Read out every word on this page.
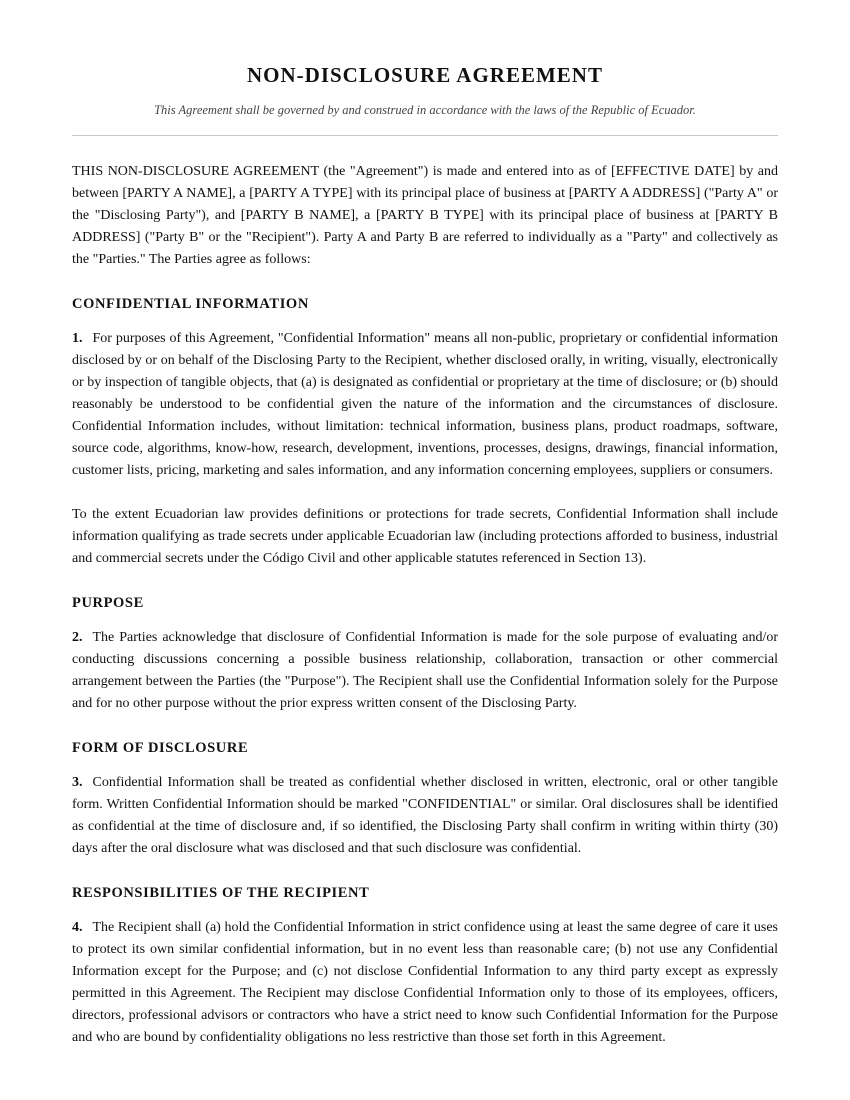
NON-DISCLOSURE AGREEMENT
This Agreement shall be governed by and construed in accordance with the laws of the Republic of Ecuador.

THIS NON-DISCLOSURE AGREEMENT (the "Agreement") is made and entered into as of [EFFECTIVE DATE] by and between [PARTY A NAME], a [PARTY A TYPE] with its principal place of business at [PARTY A ADDRESS] ("Party A" or the "Disclosing Party"), and [PARTY B NAME], a [PARTY B TYPE] with its principal place of business at [PARTY B ADDRESS] ("Party B" or the "Recipient"). Party A and Party B are referred to individually as a "Party" and collectively as the "Parties." The Parties agree as follows:

CONFIDENTIAL INFORMATION

1. For purposes of this Agreement, "Confidential Information" means all non-public, proprietary or confidential information disclosed by or on behalf of the Disclosing Party to the Recipient, whether disclosed orally, in writing, visually, electronically or by inspection of tangible objects, that (a) is designated as confidential or proprietary at the time of disclosure; or (b) should reasonably be understood to be confidential given the nature of the information and the circumstances of disclosure. Confidential Information includes, without limitation: technical information, business plans, product roadmaps, software, source code, algorithms, know-how, research, development, inventions, processes, designs, drawings, financial information, customer lists, pricing, marketing and sales information, and any information concerning employees, suppliers or consumers.

To the extent Ecuadorian law provides definitions or protections for trade secrets, Confidential Information shall include information qualifying as trade secrets under applicable Ecuadorian law (including protections afforded to business, industrial and commercial secrets under the Código Civil and other applicable statutes referenced in Section 13).

PURPOSE

2. The Parties acknowledge that disclosure of Confidential Information is made for the sole purpose of evaluating and/or conducting discussions concerning a possible business relationship, collaboration, transaction or other commercial arrangement between the Parties (the "Purpose"). The Recipient shall use the Confidential Information solely for the Purpose and for no other purpose without the prior express written consent of the Disclosing Party.

FORM OF DISCLOSURE

3. Confidential Information shall be treated as confidential whether disclosed in written, electronic, oral or other tangible form. Written Confidential Information should be marked "CONFIDENTIAL" or similar. Oral disclosures shall be identified as confidential at the time of disclosure and, if so identified, the Disclosing Party shall confirm in writing within thirty (30) days after the oral disclosure what was disclosed and that such disclosure was confidential.

RESPONSIBILITIES OF THE RECIPIENT

4. The Recipient shall (a) hold the Confidential Information in strict confidence using at least the same degree of care it uses to protect its own similar confidential information, but in no event less than reasonable care; (b) not use any Confidential Information except for the Purpose; and (c) not disclose Confidential Information to any third party except as expressly permitted in this Agreement. The Recipient may disclose Confidential Information only to those of its employees, officers, directors, professional advisors or contractors who have a strict need to know such Confidential Information for the Purpose and who are bound by confidentiality obligations no less restrictive than those set forth in this Agreement.
